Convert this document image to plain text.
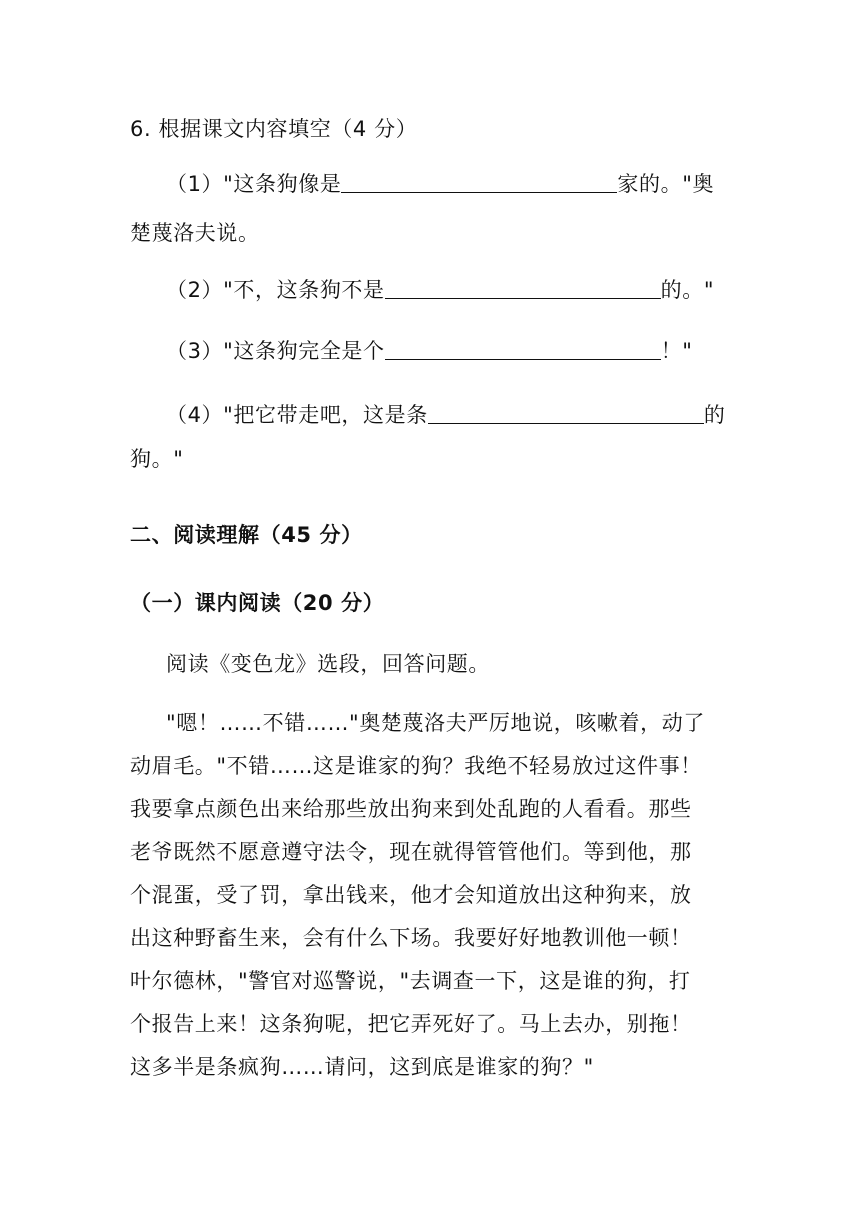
6. 根据课文内容填空（4 分）
（1）"这条狗像是	家的。"奥
楚蔑洛夫说。
（2）"不，这条狗不是	的。"
（3）"这条狗完全是个	！"
（4）"把它带走吧，这是条	的
狗。"
二、阅读理解（45 分）
（一）课内阅读（20 分）
阅读《变色龙》选段，回答问题。
"嗯！……不错……"奥楚蔑洛夫严厉地说，咳嗽着，动了
动眉毛。"不错……这是谁家的狗？我绝不轻易放过这件事！
我要拿点颜色出来给那些放出狗来到处乱跑的人看看。那些
老爷既然不愿意遵守法令，现在就得管管他们。等到他，那
个混蛋，受了罚，拿出钱来，他才会知道放出这种狗来，放
出这种野畜生来，会有什么下场。我要好好地教训他一顿！
叶尔德林，"警官对巡警说，"去调查一下，这是谁的狗，打
个报告上来！这条狗呢，把它弄死好了。马上去办，别拖！
这多半是条疯狗……请问，这到底是谁家的狗？"
